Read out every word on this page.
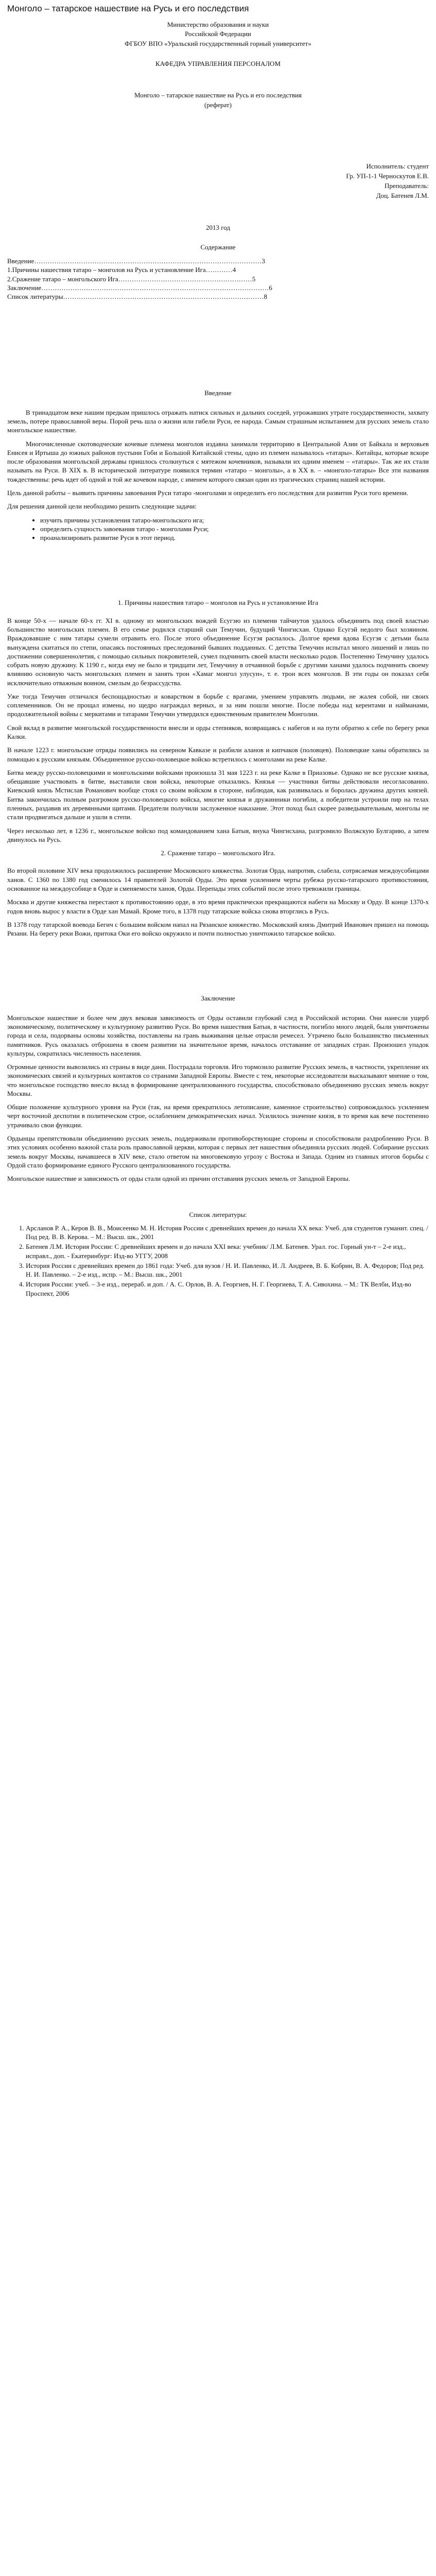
Монголо – татарское нашествие на Русь и его последствия
Министерство образования и науки
Российской Федерации
ФГБОУ ВПО «Уральский государственный горный университет»
КАФЕДРА УПРАВЛЕНИЯ ПЕРСОНАЛОМ
Монголо – татарское нашествие на Русь и его последствия
(реферат)
Исполнитель: студент
Гр. УП-1-1 Черноскутов Е.В.
Преподаватель:
Доц. Батенев Л.М.
2013 год
Содержание
Введение…………………………………………………………………………………………3
1.Причины нашествия татаро – монголов на Русь и установление Ига…………4
2.Сражение татаро – монгольского Ига……………………………………………………5
Заключение…………………………………………………………………………………………6
Список литературы………………………………………………………………………………8
Введение

В тринадцатом веке нашим предкам пришлось отражать натиск сильных и дальних соседей, угрожавших утрате государственности, захвату земель, потере православной веры. Порой речь шла о жизни или гибели Руси, ее народа. Самым страшным испытанием для русских земель стало монгольское нашествие.

Многочисленные скотоводческие кочевые племена монголов издавна занимали территорию в Центральной Азии от Байкала и верховьев Енисея и Иртыша до южных районов пустыни Гоби и Большой Китайской стены, одно из племен называлось «татары». Китайцы, которые вскоре после образования монгольской державы пришлось столкнуться с мятежом кочевников, называли их одним именем – «татары». Так же их стали называть на Руси. В XIX в. В исторической литературе появился термин «татаро – монголы», а в XX в. – «монголо-татары» Все эти названия тождественны: речь идет об одной и той же кочевом народе, с именем которого связан один из трагических страниц нашей истории.

Цель данной работы – выявить причины завоевания Руси татаро -монголами и определить его последствия для развития Руси того времени.

Для решения данной цели необходимо решить следующие задачи:

• изучить причины установления татаро-монгольского ига;
• определить сущность завоевания татаро - монголами Руси;
• проанализировать развитие Руси в этот период.
1. Причины нашествия татаро – монголов на Русь и установление Ига

В конце 50-х — начале 60-х гг. XI в. одному из монгольских вождей Есугэю из племени тайчиутов удалось объединить под своей властью большинство монгольских племен. В его семье родился старший сын Темучин, будущий Чингисхан. Однако Есугэй недолго был хозяином. Враждовавшие с ним татары сумели отравить его. После этого объединение Есугэя распалось. Долгое время вдова Есугэя с детьми была вынуждена скитаться по степи, опасаясь постоянных преследований бывших подданных. С детства Темучин испытал много лишений и лишь по достижении совершеннолетия, с помощью сильных покровителей, сумел подчинить своей власти несколько родов. Постепенно Темучину удалось собрать новую дружину. К 1190 г., когда ему не было и тридцати лет, Темучину в отчаянной борьбе с другими ханами удалось подчинить своему влиянию основную часть монгольских племен и занять трон «Хамаг монгол улусун», т. е. трон всех монголов. В эти годы он показал себя исключительно отважным воином, смелым до безрассудства.

Уже тогда Темучин отличался беспощадностью и коварством в борьбе с врагами, умением управлять людьми, не жалея собой, ни своих соплеменников. Он не прощал измены, но щедро награждал верных, и за ним пошли многие. После победы над кереитами и найманами, продолжительной войны с меркитами и татарами Темучин утвердился единственным правителем Монголии.

Свой вклад в развитие монгольской государственности внесли и орды степняков, возвращаясь с набегов и на пути обратно к себе по берегу реки Калки.

В начале 1223 г. монгольские отряды появились на северном Кавказе и разбили аланов и кипчаков (половцев). Половецкие ханы обратились за помощью к русским князьям. Объединенное русско-половецкое войско встретилось с монголами на реке Калке.

Битва между русско-половецкими и монгольскими войсками произошла 31 мая 1223 г. на реке Калке в Приазовье. Однако не все русские князья, обещавшие участвовать в битве, выставили свои войска, некоторые отказались. Князья — участники битвы действовали несогласованно. Киевский князь Мстислав Романович вообще стоял со своим войском в стороне, наблюдая, как развивалась и боролась дружина других князей. Битва закончилась полным разгромом русско-половецкого войска, многие князья и дружинники погибли, а победители устроили пир на телах пленных, раздавив их деревянными щитами. Предатели получили заслуженное наказание. Этот поход был скорее разведывательным, монголы не стали продвигаться дальше и ушли в степи.

Через несколько лет, в 1236 г., монгольское войско под командованием хана Батыя, внука Чингисхана, разгромило Волжскую Булгарию, а затем двинулось на Русь.

2. Сражение татаро – монгольского Ига.

Во второй половине XIV века продолжилось расширение Московского княжества. Золотая Орда, напротив, слабела, сотрясаемая междоусобицами ханов. С 1360 по 1380 год сменилось 14 правителей Золотой Орды. Это время усилением черты рубежа русско-татарского противостояния, основанное на междоусобице в Орде и сменяемости ханов, Орды. Перепады этих событий после этого тревожили границы.

Москва и другие княжества перестают к противостоянию орде, в это время практически прекращаются набеги на Москву и Орду. В конце 1370-х годов вновь вырос у власти в Орде хан Мамай. Кроме того, в 1378 году татарские войска снова вторглись в Русь.

В 1378 году татарской воевода Бегич с большим войском напал на Рязанское княжество. Московский князь Дмитрий Иванович пришел на помощь Рязани. На берегу реки Вожи, притока Оки его войско окружило и почти полностью уничтожило татарское войско.

Заключение

Монгольское нашествие и более чем двух вековая зависимость от Орды оставили глубокий след в Российской истории. Они нанесли ущерб экономическому, политическому и культурному развитию Руси. Во время нашествия Батыя, в частности, погибло много людей, были уничтожены города и села, подорваны основы хозяйства, поставлены на грань выживания целые отрасли ремесел. Утрачено было большинство письменных памятников. Русь оказалась отброшена в своем развитии на значительное время, началось отставание от западных стран. Произошел упадок культуры, сократилась численность населения.

Огромные ценности вывозились из страны в виде дани. Пострадала торговля. Иго тормозило развитие Русских земель, в частности, укрепление их экономических связей и культурных контактов со странами Западной Европы. Вместе с тем, некоторые исследователи высказывают мнение о том, что монгольское господство внесло вклад в формирование централизованного государства, способствовало объединению русских земель вокруг Москвы.

Общие положение культурного уровня на Руси (так, на время прекратилось летописание, каменное строительство) сопровождалось усилением черт восточной деспотии в политическом строе, ослаблением демократических начал. Усилилось значение князя, в то время как вече постепенно утрачивало свои функции.

Ордынцы препятствовали объединению русских земель, поддерживали противоборствующие стороны и способствовали раздроблению Руси. В этих условиях особенно важной стала роль православной церкви, которая с первых лет нашествия объединяла русских людей. Собирание русских земель вокруг Москвы, начавшееся в XIV веке, стало ответом на многовековую угрозу с Востока и Запада. Одним из главных итогов борьбы с Ордой стало формирование единого Русского централизованного государства.

Монгольское нашествие и зависимость от орды стали одной из причин отставания русских земель от Западной Европы.

Список литературы:
1. Арсланов Р. А., Керов В. В., Моисеенко М. Н. История России с древнейших времен до начала XX века: Учеб. для студентов гуманит. спец. / Под ред. В. В. Керова. – М.: Высш. шк., 2001
2. Батенев Л.М. История России: С древнейших времен и до начала XXI века: учебник/ Л.М. Батенев. Урал. гос. Горный ун-т – 2-е изд., исправл., доп. - Екатеринбург: Изд-во УГГУ, 2008
3. История России с древнейших времен до 1861 года: Учеб. для вузов / Н. И. Павленко, И. Л. Андреев, В. Б. Кобрин, В. А. Федоров; Под ред. Н. И. Павленко. – 2-е изд., испр. – М.: Высш. шк., 2001
4. История России: учеб. – 3-е изд., перераб. и доп. / А. С. Орлов, В. А. Георгиев, Н. Г. Георгиева, Т. А. Сивохина. – М.: ТК Велби, Изд-во Проспект, 2006
